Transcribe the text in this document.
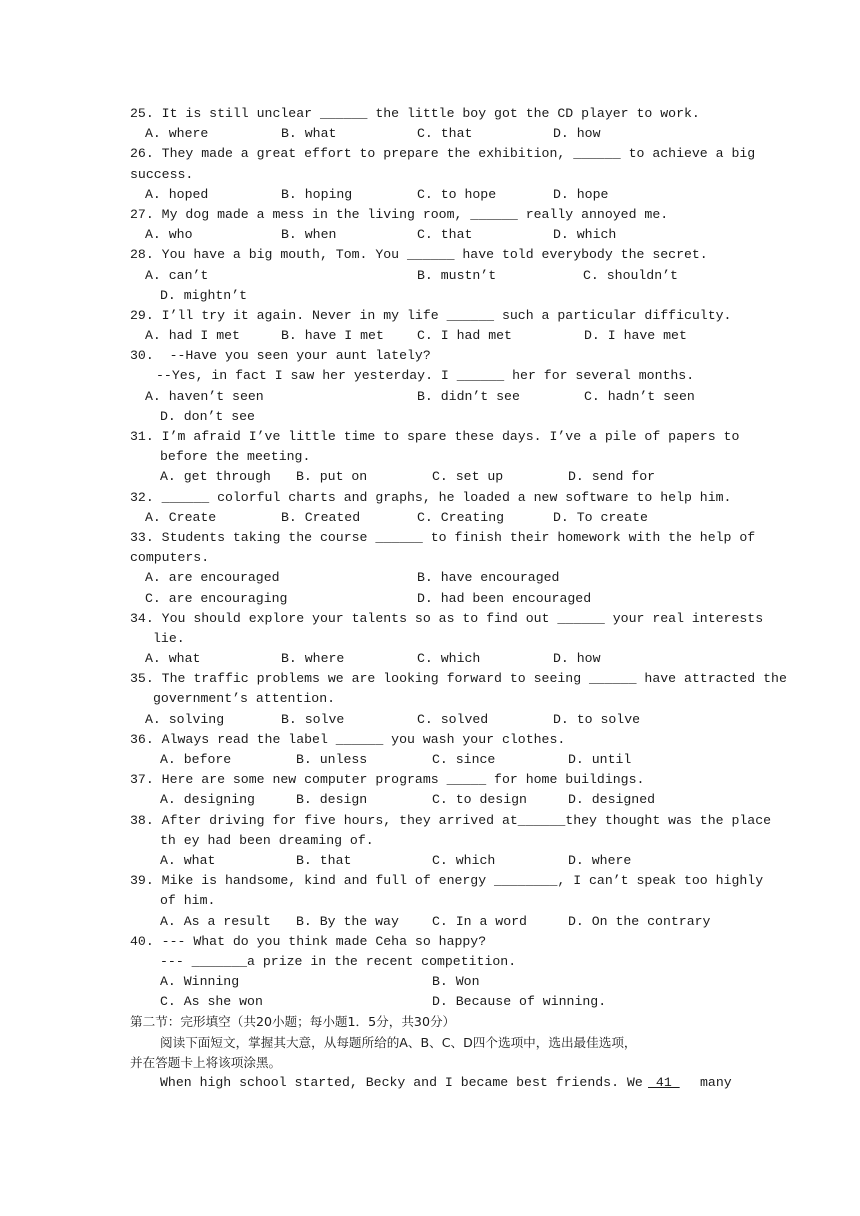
25. It is still unclear ______ the little boy got the CD player to work.

A. where

	B. what

	C. that

	D. how

26. They made a great effort to prepare the exhibition, ______ to achieve a big
success.

A. hoped

	B. hoping

	C. to hope

	D. hope

27. My dog made a mess in the living room, ______ really annoyed me.

A. who

	B. when

	C. that

	D. which

28. You have a big mouth, Tom. You ______ have told everybody the secret.

A. can’t

	B. mustn’t

	C. shouldn’t

D. mightn’t

29. I’ll try it again. Never in my life ______ such a particular difficulty.

A. had I met

	B. have I met

	C. I had met

	D. I have met

30. --Have you seen your aunt lately?
--Yes, in fact I saw her yesterday. I ______ her for several months.

A. haven’t seen

	B. didn’t see

	C. hadn’t seen

D. don’t see

31. I’m afraid I’ve little time to spare these days. I’ve a pile of papers to
before the meeting.

A. get through

B. put on

	C. set up

	D. send for

32. ______ colorful charts and graphs, he loaded a new software to help him.

A. Create

	B. Created

	C. Creating

	D. To create

33. Students taking the course ______ to finish their homework with the help of
computers.

A. are encouraged

	B. have encouraged

C. are encouraging

	D. had been encouraged

34. You should explore your talents so as to find out ______ your real interests
lie.

A. what

	B. where

	C. which

	D. how

35. The traffic problems we are looking forward to seeing ______ have attracted the
government’s attention.

A. solving

	B. solve

	C. solved

	D. to solve

36. Always read the label ______ you wash your clothes.

A. before

	B. unless

	C. since

	D. until

37. Here are some new computer programs _____ for home buildings.

A. designing

	B. design

	C. to design

	D. designed

38. After driving for five hours, they arrived at______they thought was the place
th ey had been dreaming of.

A. what

	B. that

	C. which

	D. where

39. Mike is handsome, kind and full of energy ________, I can’t speak too highly
of him.

A. As a result

B. By the way

	C. In a word

	D. On the contrary

40. --- What do you think made Ceha so happy?
--- _______a prize in the recent competition.

A. Winning

	B. Won

C. As she won

	D. Because of winning.

第二节：完形填空（共20小题；每小题1．5分，共30分）
阅读下面短文，掌握其大意，从每题所给的A、B、C、D四个选项中，选出最佳选项，
并在答题卡上将该项涂黑。

When high school started, Becky and I became best friends. We

41

many
